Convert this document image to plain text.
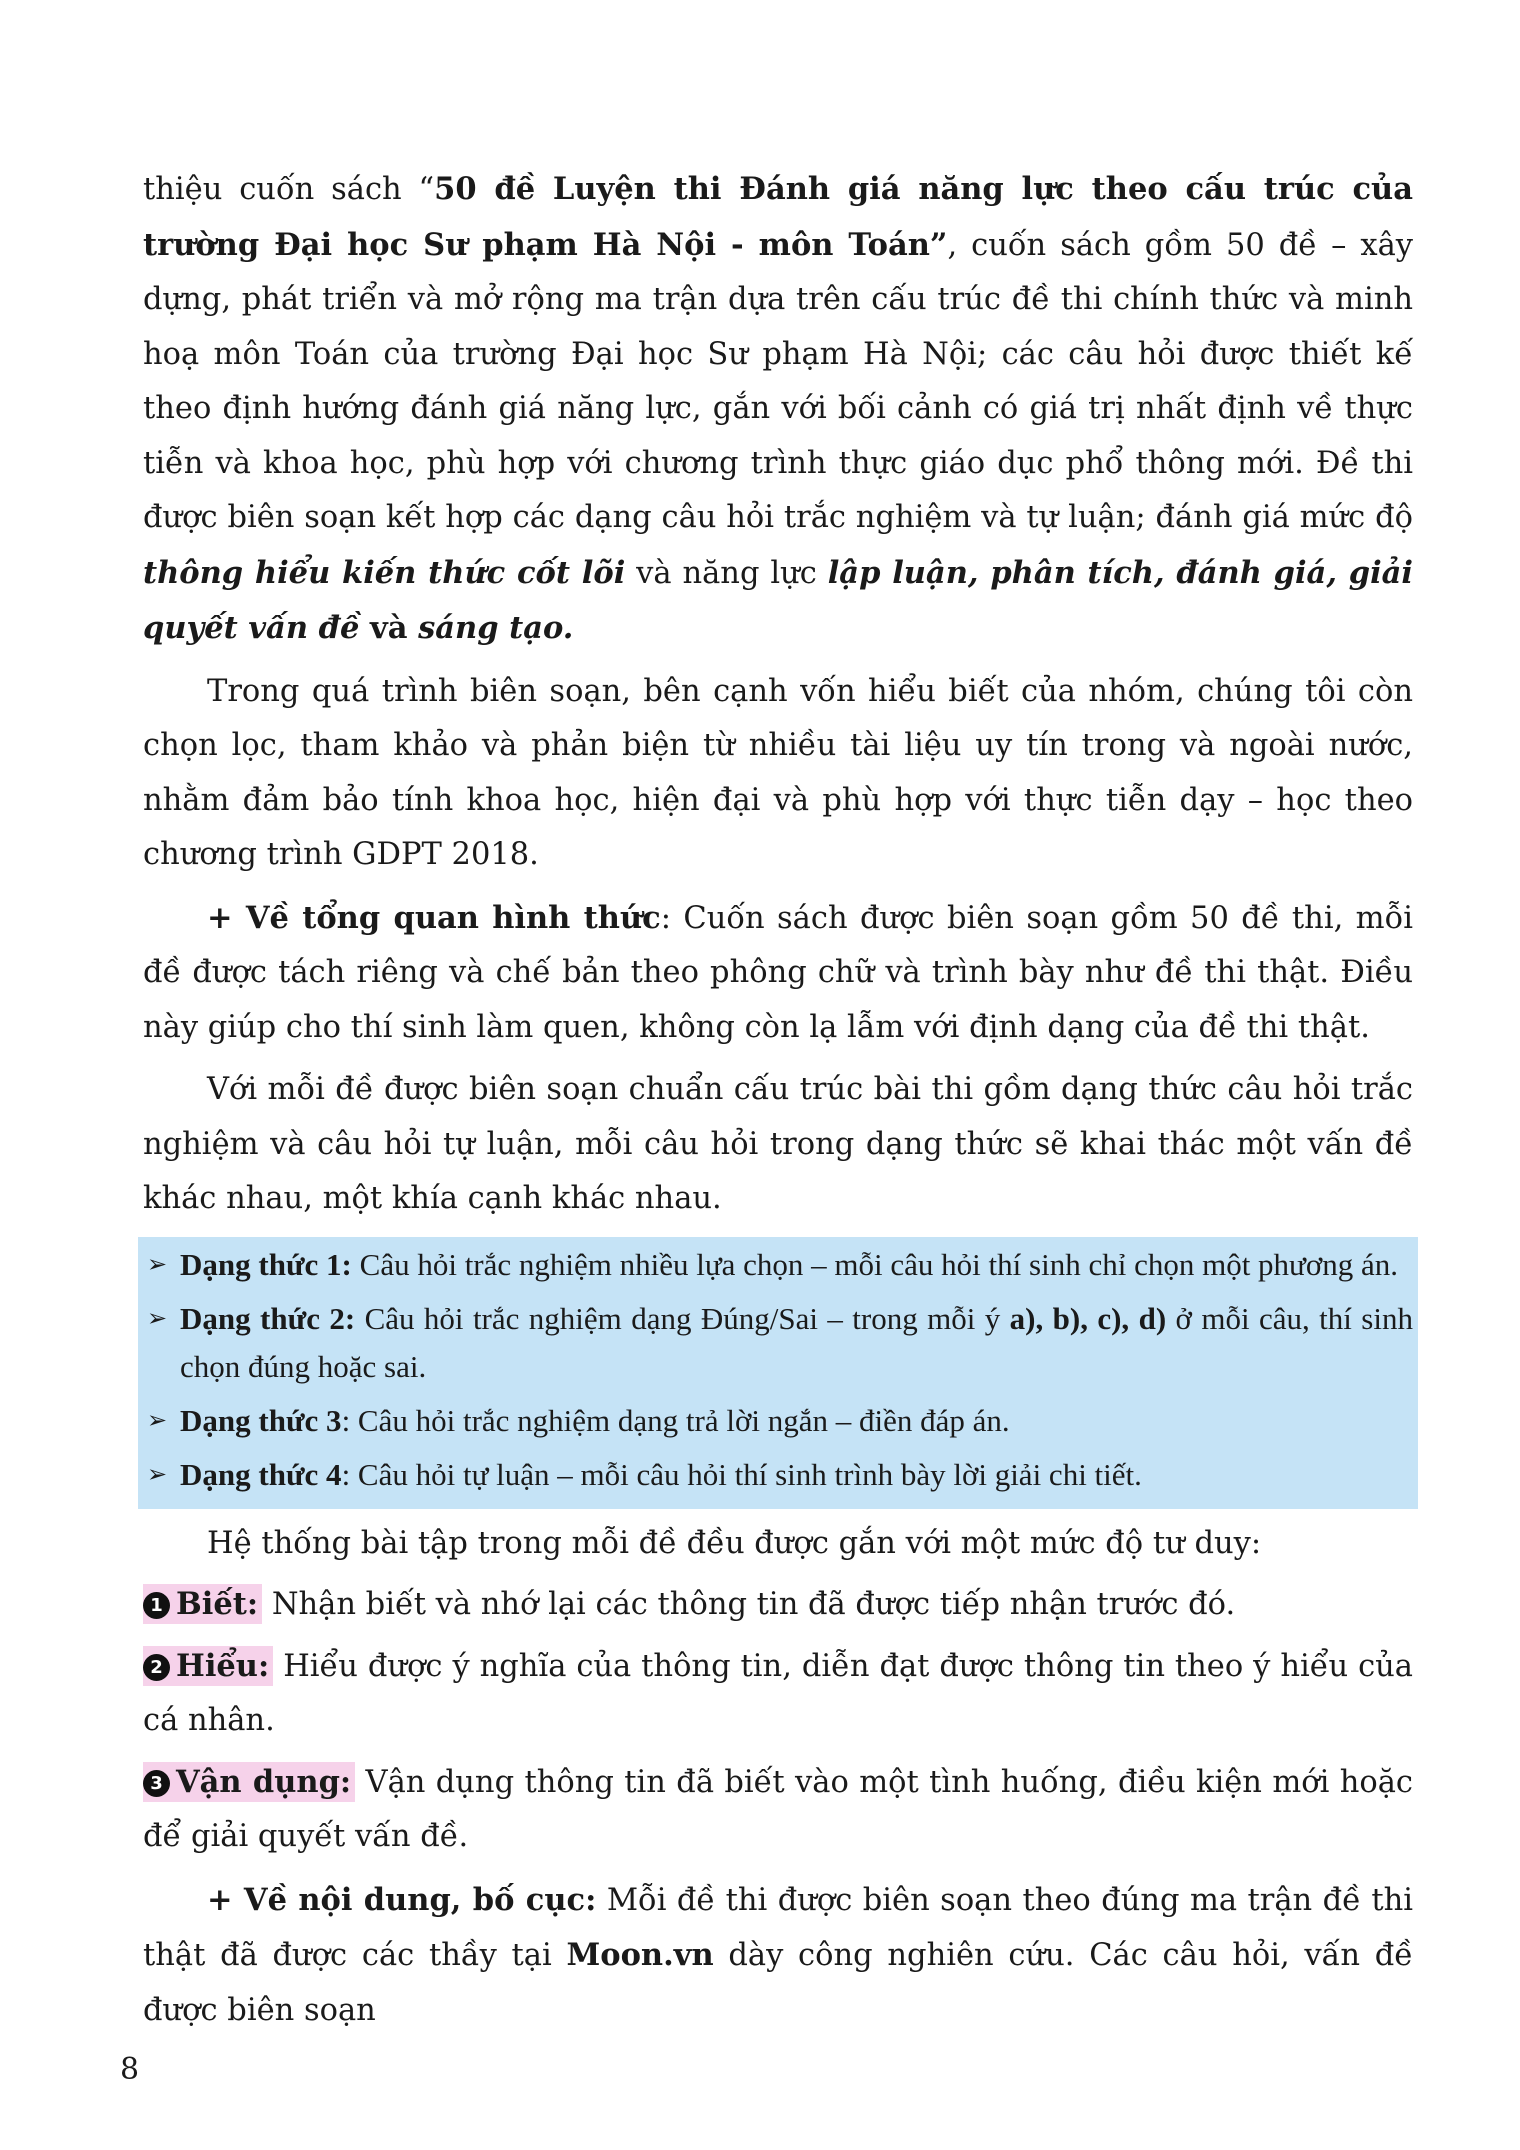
thiệu cuốn sách “50 đề Luyện thi Đánh giá năng lực theo cấu trúc của trường Đại học Sư phạm Hà Nội - môn Toán”, cuốn sách gồm 50 đề – xây dựng, phát triển và mở rộng ma trận dựa trên cấu trúc đề thi chính thức và minh hoạ môn Toán của trường Đại học Sư phạm Hà Nội; các câu hỏi được thiết kế theo định hướng đánh giá năng lực, gắn với bối cảnh có giá trị nhất định về thực tiễn và khoa học, phù hợp với chương trình thực giáo dục phổ thông mới. Đề thi được biên soạn kết hợp các dạng câu hỏi trắc nghiệm và tự luận; đánh giá mức độ thông hiểu kiến thức cốt lõi và năng lực lập luận, phân tích, đánh giá, giải quyết vấn đề và sáng tạo.

Trong quá trình biên soạn, bên cạnh vốn hiểu biết của nhóm, chúng tôi còn chọn lọc, tham khảo và phản biện từ nhiều tài liệu uy tín trong và ngoài nước, nhằm đảm bảo tính khoa học, hiện đại và phù hợp với thực tiễn dạy – học theo chương trình GDPT 2018.

+ Về tổng quan hình thức: Cuốn sách được biên soạn gồm 50 đề thi, mỗi đề được tách riêng và chế bản theo phông chữ và trình bày như đề thi thật. Điều này giúp cho thí sinh làm quen, không còn lạ lẫm với định dạng của đề thi thật.

Với mỗi đề được biên soạn chuẩn cấu trúc bài thi gồm dạng thức câu hỏi trắc nghiệm và câu hỏi tự luận, mỗi câu hỏi trong dạng thức sẽ khai thác một vấn đề khác nhau, một khía cạnh khác nhau.

➢ Dạng thức 1: Câu hỏi trắc nghiệm nhiều lựa chọn – mỗi câu hỏi thí sinh chỉ chọn một phương án.
➢ Dạng thức 2: Câu hỏi trắc nghiệm dạng Đúng/Sai – trong mỗi ý a), b), c), d) ở mỗi câu, thí sinh chọn đúng hoặc sai.
➢ Dạng thức 3: Câu hỏi trắc nghiệm dạng trả lời ngắn – điền đáp án.
➢ Dạng thức 4: Câu hỏi tự luận – mỗi câu hỏi thí sinh trình bày lời giải chi tiết.

Hệ thống bài tập trong mỗi đề đều được gắn với một mức độ tư duy:

1 Biết: Nhận biết và nhớ lại các thông tin đã được tiếp nhận trước đó.

2 Hiểu: Hiểu được ý nghĩa của thông tin, diễn đạt được thông tin theo ý hiểu của cá nhân.

3 Vận dụng: Vận dụng thông tin đã biết vào một tình huống, điều kiện mới hoặc để giải quyết vấn đề.

+ Về nội dung, bố cục: Mỗi đề thi được biên soạn theo đúng ma trận đề thi thật đã được các thầy tại Moon.vn dày công nghiên cứu. Các câu hỏi, vấn đề được biên soạn

8
